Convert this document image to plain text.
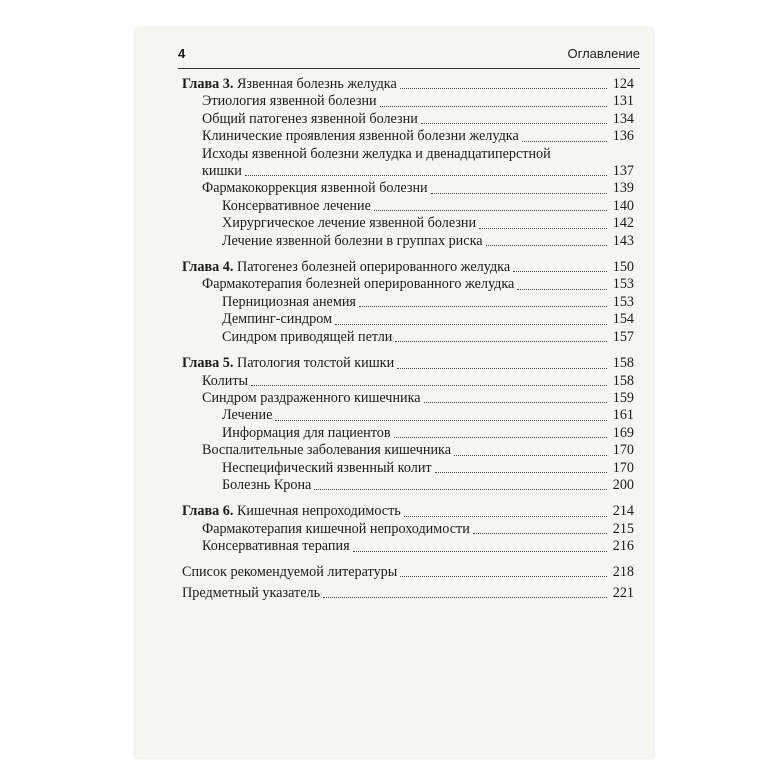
4	Оглавление
Глава 3. Язвенная болезнь желудка	124
Этиология язвенной болезни	131
Общий патогенез язвенной болезни	134
Клинические проявления язвенной болезни желудка	136
Исходы язвенной болезни желудка и двенадцатиперстной
кишки	137
Фармакокоррекция язвенной болезни	139
Консервативное лечение	140
Хирургическое лечение язвенной болезни	142
Лечение язвенной болезни в группах риска	143
Глава 4. Патогенез болезней оперированного желудка	150
Фармакотерапия болезней оперированного желудка	153
Пернициозная анемия	153
Демпинг-синдром	154
Синдром приводящей петли	157
Глава 5. Патология толстой кишки	158
Колиты	158
Синдром раздраженного кишечника	159
Лечение	161
Информация для пациентов	169
Воспалительные заболевания кишечника	170
Неспецифический язвенный колит	170
Болезнь Крона	200
Глава 6. Кишечная непроходимость	214
Фармакотерапия кишечной непроходимости	215
Консервативная терапия	216
Список рекомендуемой литературы	218
Предметный указатель	221
